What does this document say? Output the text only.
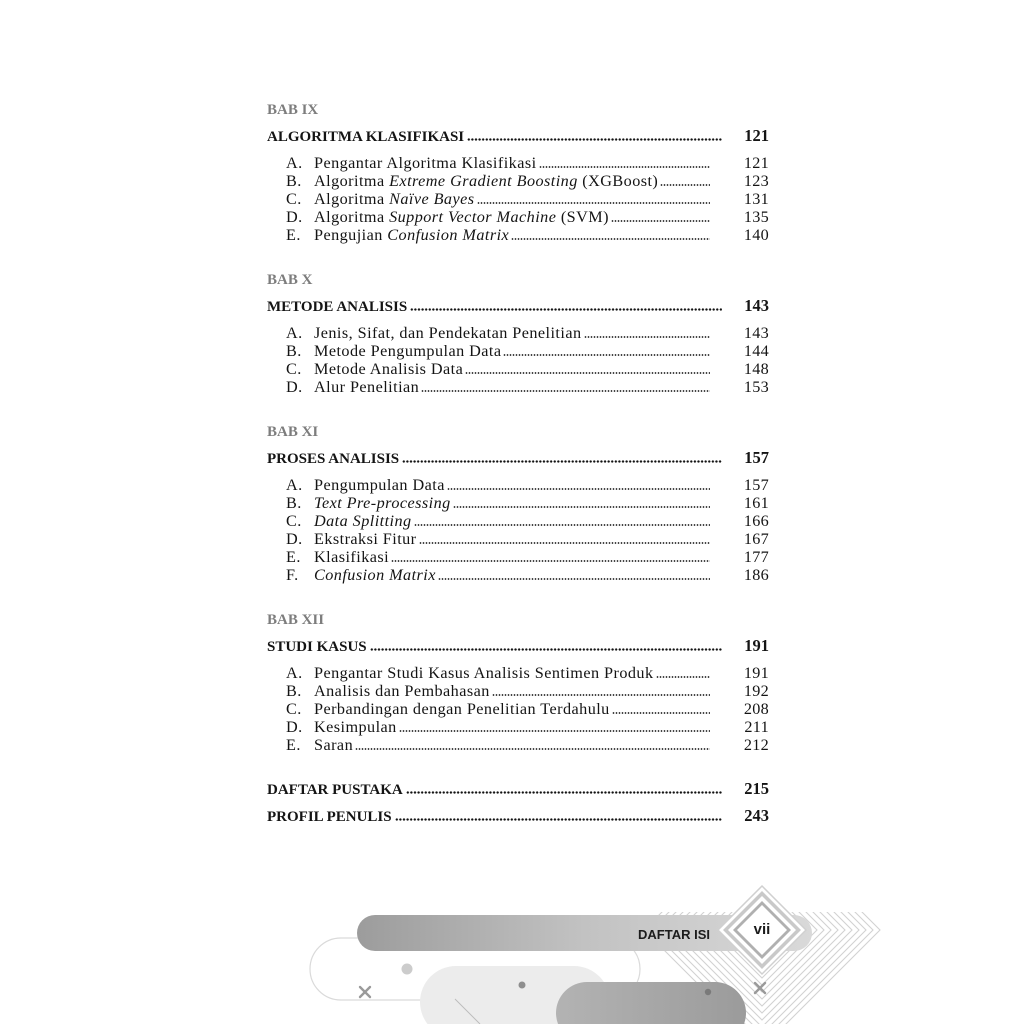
BAB IX
ALGORITMA KLASIFIKASI	121
A. Pengantar Algoritma Klasifikasi	121
B. Algoritma Extreme Gradient Boosting (XGBoost)	123
C. Algoritma Naïve Bayes	131
D. Algoritma Support Vector Machine (SVM)	135
E. Pengujian Confusion Matrix	140
BAB X
METODE ANALISIS	143
A. Jenis, Sifat, dan Pendekatan Penelitian	143
B. Metode Pengumpulan Data	144
C. Metode Analisis Data	148
D. Alur Penelitian	153
BAB XI
PROSES ANALISIS	157
A. Pengumpulan Data	157
B. Text Pre-processing	161
C. Data Splitting	166
D. Ekstraksi Fitur	167
E. Klasifikasi	177
F. Confusion Matrix	186
BAB XII
STUDI KASUS	191
A. Pengantar Studi Kasus Analisis Sentimen Produk	191
B. Analisis dan Pembahasan	192
C. Perbandingan dengan Penelitian Terdahulu	208
D. Kesimpulan	211
E. Saran	212
DAFTAR PUSTAKA	215
PROFIL PENULIS	243
DAFTAR ISI	vii
